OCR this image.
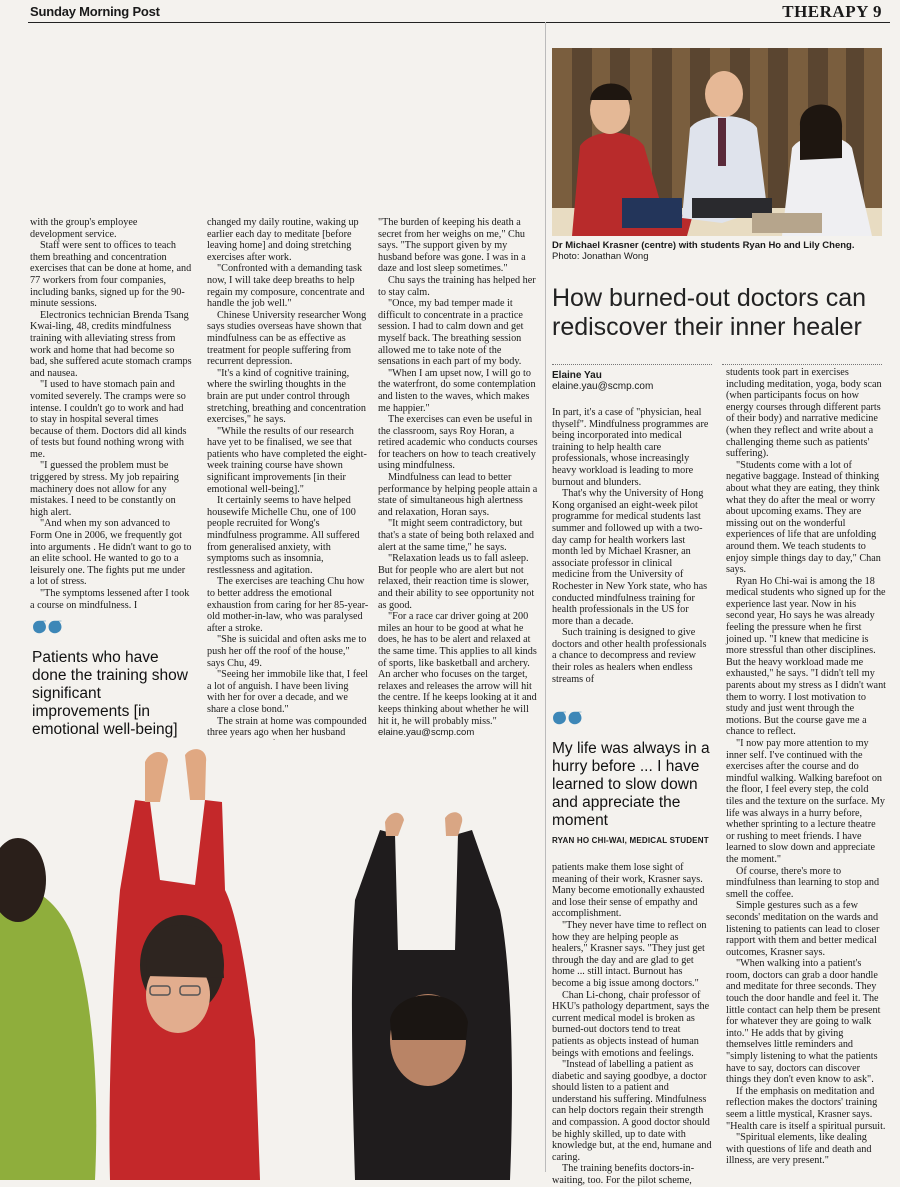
Sunday Morning Post	THERAPY 9

with the group's employee development service.

Staff were sent to offices to teach them breathing and concentration exercises that can be done at home, and 77 workers from four companies, including banks, signed up for the 90-minute sessions.

Electronics technician Brenda Tsang Kwai-ling, 48, credits mindfulness training with alleviating stress from work and home that had become so bad, she suffered acute stomach cramps and nausea.

"I used to have stomach pain and vomited severely. The cramps were so intense. I couldn't go to work and had to stay in hospital several times because of them. Doctors did all kinds of tests but found nothing wrong with me.

"I guessed the problem must be triggered by stress. My job repairing machinery does not allow for any mistakes. I need to be constantly on high alert.

"And when my son advanced to Form One in 2006, we frequently got into arguments . He didn't want to go to an elite school. He wanted to go to a leisurely one. The fights put me under a lot of stress.

"The symptoms lessened after I took a course on mindfulness. I

Patients who have done the training show significant improvements [in emotional well-being]

changed my daily routine, waking up earlier each day to meditate [before leaving home] and doing stretching exercises after work.

"Confronted with a demanding task now, I will take deep breaths to help regain my composure, concentrate and handle the job well."

Chinese University researcher Wong says studies overseas have shown that mindfulness can be as effective as treatment for people suffering from recurrent depression.

"It's a kind of cognitive training, where the swirling thoughts in the brain are put under control through stretching, breathing and concentration exercises," he says.

"While the results of our research have yet to be finalised, we see that patients who have completed the eight-week training course have shown significant improvements [in their emotional well-being]."

It certainly seems to have helped housewife Michelle Chu, one of 100 people recruited for Wong's mindfulness programme. All suffered from generalised anxiety, with symptoms such as insomnia, restlessness and agitation.

The exercises are teaching Chu how to better address the emotional exhaustion from caring for her 85-year-old mother-in-law, who was paralysed after a stroke.

"She is suicidal and often asks me to push her off the roof of the house," says Chu, 49.

"Seeing her immobile like that, I feel a lot of anguish. I have been living with her for over a decade, and we share a close bond."

The strain at home was compounded three years ago when her husband

"The burden of keeping his death a secret from her weighs on me," Chu says. "The support given by my husband before was gone. I was in a daze and lost sleep sometimes."

Chu says the training has helped her to stay calm.

"Once, my bad temper made it difficult to concentrate in a practice session. I had to calm down and get myself back. The breathing session allowed me to take note of the sensations in each part of my body.

"When I am upset now, I will go to the waterfront, do some contemplation and listen to the waves, which makes me happier."

The exercises can even be useful in the classroom, says Roy Horan, a retired academic who conducts courses for teachers on how to teach creatively using mindfulness.

Mindfulness can lead to better performance by helping people attain a state of simultaneous high alertness and relaxation, Horan says.

"It might seem contradictory, but that's a state of being both relaxed and alert at the same time," he says.

"Relaxation leads us to fall asleep. But for people who are alert but not relaxed, their reaction time is slower, and their ability to see opportunity not as good.

"For a race car driver going at 200 miles an hour to be good at what he does, he has to be alert and relaxed at the same time. This applies to all kinds of sports, like basketball and archery. An archer who focuses on the target, relaxes and releases the arrow will hit the centre. If he keeps looking at it and keeps thinking about whether he will hit it, he will probably miss."

elaine.yau@scmp.com

Dr Michael Krasner (centre) with students Ryan Ho and Lily Cheng.
Photo: Jonathan Wong
How burned-out doctors can rediscover their inner healer
Elaine Yau
elaine.yau@scmp.com

In part, it's a case of "physician, heal thyself". Mindfulness programmes are being incorporated into medical training to help health care professionals, whose increasingly heavy workload is leading to more burnout and blunders.

That's why the University of Hong Kong organised an eight-week pilot programme for medical students last summer and followed up with a two-day camp for health workers last month led by Michael Krasner, an associate professor in clinical medicine from the University of Rochester in New York state, who has conducted mindfulness training for health professionals in the US for more than a decade.

Such training is designed to give doctors and other health professionals a chance to decompress and review their roles as healers when endless streams of

My life was always in a hurry before ... I have learned to slow down and appreciate the moment
RYAN HO CHI-WAI, MEDICAL STUDENT

patients make them lose sight of meaning of their work, Krasner says. Many become emotionally exhausted and lose their sense of empathy and accomplishment.

"They never have time to reflect on how they are helping people as healers," Krasner says. "They just get through the day and are glad to get home ... still intact. Burnout has become a big issue among doctors."

Chan Li-chong, chair professor of HKU's pathology department, says the current medical model is broken as burned-out doctors tend to treat patients as objects instead of human beings with emotions and feelings.

"Instead of labelling a patient as diabetic and saying goodbye, a doctor should listen to a patient and understand his suffering. Mindfulness can help doctors regain their strength and compassion. A good doctor should be highly skilled, up to date with knowledge but, at the end, humane and caring.

The training benefits doctors-in-waiting, too. For the pilot scheme,

students took part in exercises including meditation, yoga, body scan (when participants focus on how energy courses through different parts of their body) and narrative medicine (when they reflect and write about a challenging theme such as patients' suffering).

"Students come with a lot of negative baggage. Instead of thinking about what they are eating, they think what they do after the meal or worry about upcoming exams. They are missing out on the wonderful experiences of life that are unfolding around them. We teach students to enjoy simple things day to day," Chan says.

Ryan Ho Chi-wai is among the 18 medical students who signed up for the experience last year. Now in his second year, Ho says he was already feeling the pressure when he first joined up. "I knew that medicine is more stressful than other disciplines. But the heavy workload made me exhausted," he says. "I didn't tell my parents about my stress as I didn't want them to worry. I lost motivation to study and just went through the motions. But the course gave me a chance to reflect.

"I now pay more attention to my inner self. I've continued with the exercises after the course and do mindful walking. Walking barefoot on the floor, I feel every step, the cold tiles and the texture on the surface. My life was always in a hurry before, whether sprinting to a lecture theatre or rushing to meet friends. I have learned to slow down and appreciate the moment."

Of course, there's more to mindfulness than learning to stop and smell the coffee.

Simple gestures such as a few seconds' meditation on the wards and listening to patients can lead to closer rapport with them and better medical outcomes, Krasner says.

"When walking into a patient's room, doctors can grab a door handle and meditate for three seconds. They touch the door handle and feel it. The little contact can help them be present for whatever they are going to walk into." He adds that by giving themselves little reminders and "simply listening to what the patients have to say, doctors can discover things they don't even know to ask".

If the emphasis on meditation and reflection makes the doctors' training seem a little mystical, Krasner says. "Health care is itself a spiritual pursuit.

"Spiritual elements, like dealing with questions of life and death and illness, are very present."
